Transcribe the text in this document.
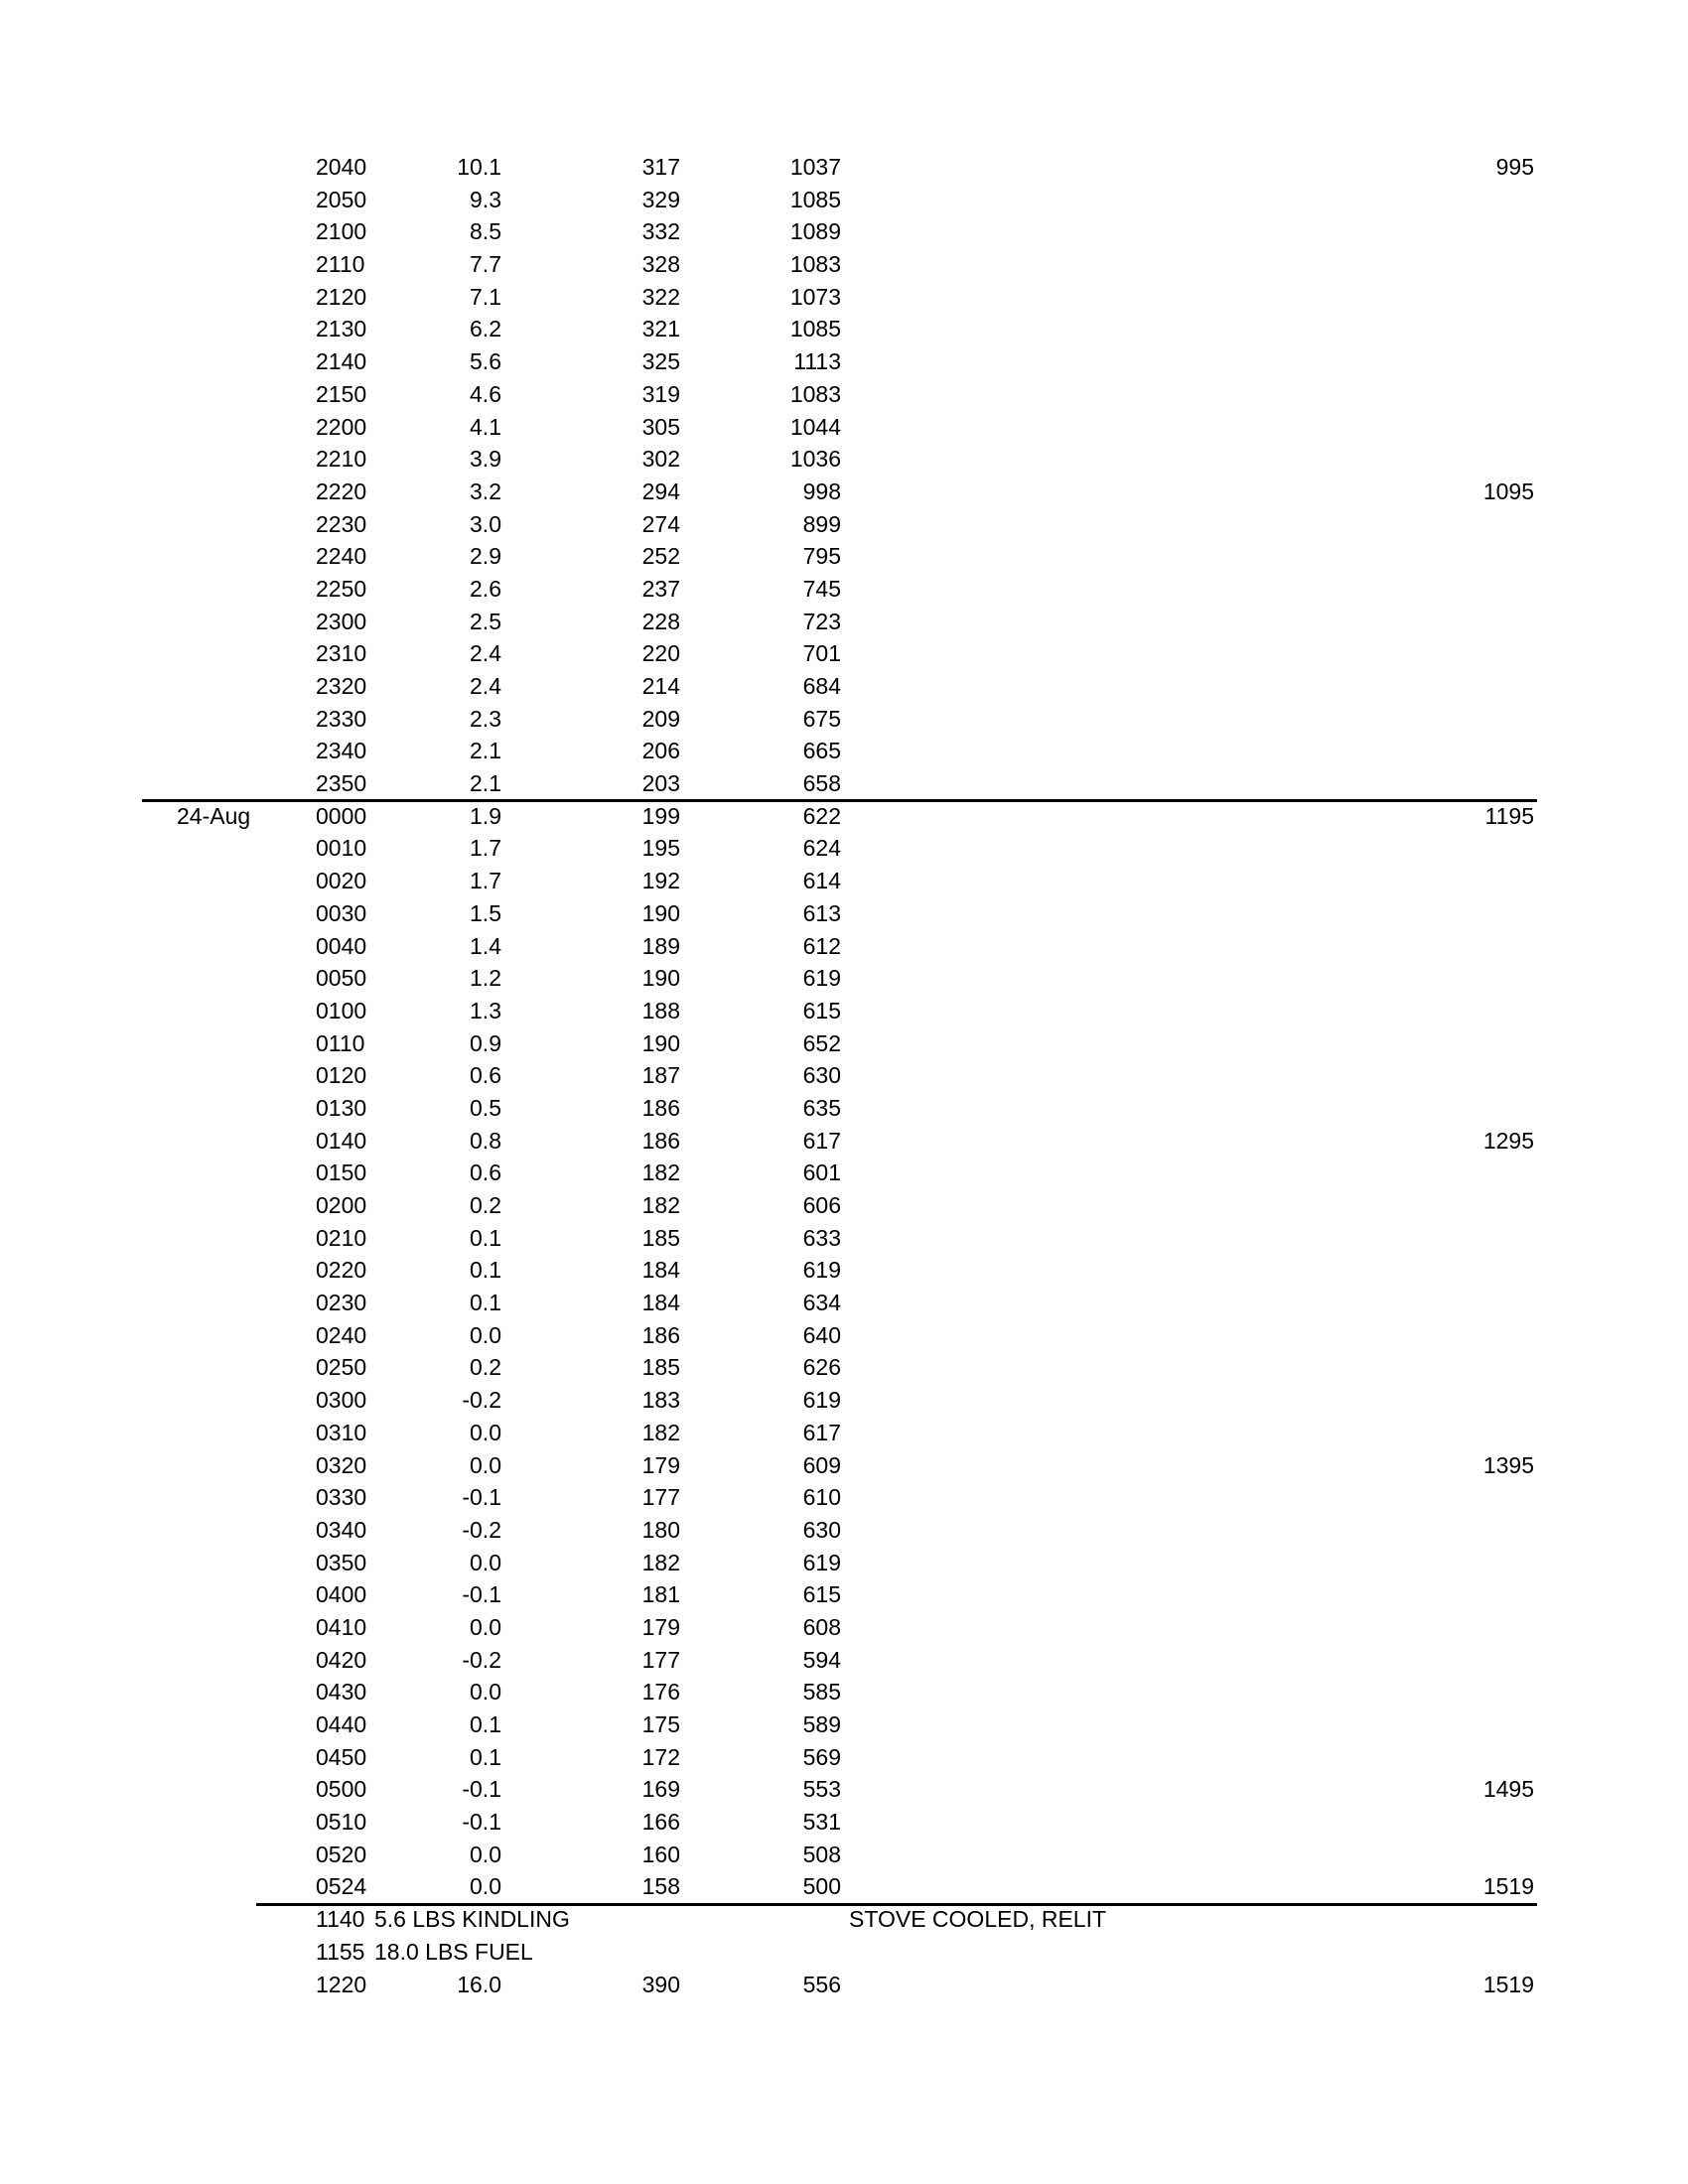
2040	10.1	317	1037	995
2050	9.3	329	1085
2100	8.5	332	1089
2110	7.7	328	1083
2120	7.1	322	1073
2130	6.2	321	1085
2140	5.6	325	1113
2150	4.6	319	1083
2200	4.1	305	1044
2210	3.9	302	1036
2220	3.2	294	998	1095
2230	3.0	274	899
2240	2.9	252	795
2250	2.6	237	745
2300	2.5	228	723
2310	2.4	220	701
2320	2.4	214	684
2330	2.3	209	675
2340	2.1	206	665
2350	2.1	203	658
24-Aug	0000	1.9	199	622	1195
0010	1.7	195	624
0020	1.7	192	614
0030	1.5	190	613
0040	1.4	189	612
0050	1.2	190	619
0100	1.3	188	615
0110	0.9	190	652
0120	0.6	187	630
0130	0.5	186	635
0140	0.8	186	617	1295
0150	0.6	182	601
0200	0.2	182	606
0210	0.1	185	633
0220	0.1	184	619
0230	0.1	184	634
0240	0.0	186	640
0250	0.2	185	626
0300	-0.2	183	619
0310	0.0	182	617
0320	0.0	179	609	1395
0330	-0.1	177	610
0340	-0.2	180	630
0350	0.0	182	619
0400	-0.1	181	615
0410	0.0	179	608
0420	-0.2	177	594
0430	0.0	176	585
0440	0.1	175	589
0450	0.1	172	569
0500	-0.1	169	553	1495
0510	-0.1	166	531
0520	0.0	160	508
0524	0.0	158	500	1519
1140 5.6 LBS KINDLING	STOVE COOLED, RELIT
1155 18.0 LBS FUEL
1220	16.0	390	556	1519
